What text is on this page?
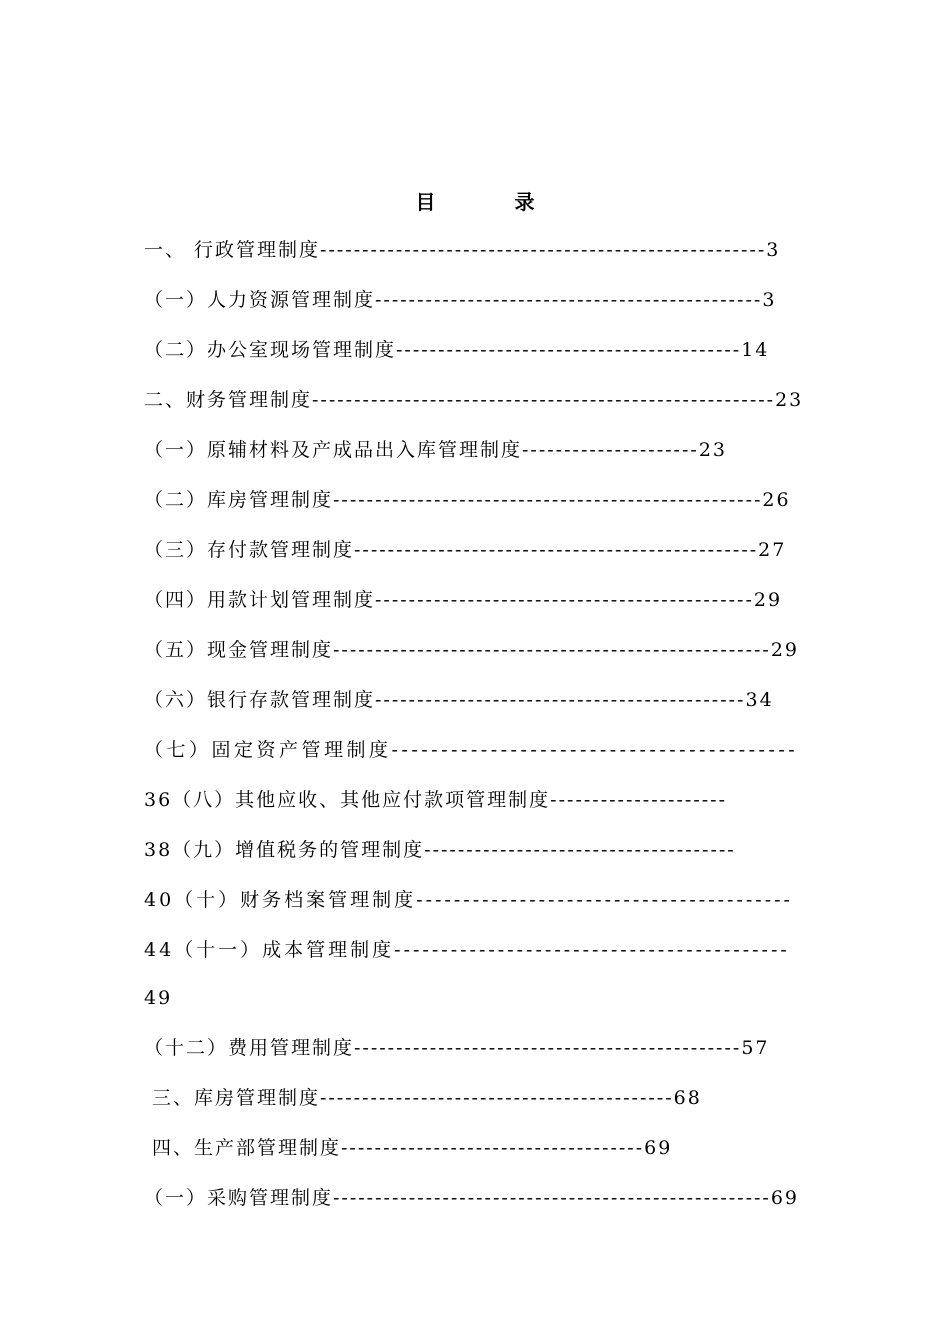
目 录
一、 行政管理制度-----------------------------------------------------3
（一）人力资源管理制度----------------------------------------------3
（二）办公室现场管理制度-----------------------------------------14
二、财务管理制度-------------------------------------------------------23
（一）原辅材料及产成品出入库管理制度---------------------23
（二）库房管理制度---------------------------------------------------26
（三）存付款管理制度------------------------------------------------27
（四）用款计划管理制度---------------------------------------------29
（五）现金管理制度----------------------------------------------------29
（六）银行存款管理制度--------------------------------------------34
（七）固定资产管理制度-----------------------------------------
36（八）其他应收、其他应付款项管理制度---------------------
38（九）增值税务的管理制度-------------------------------------
40（十）财务档案管理制度----------------------------------------
44（十一）成本管理制度------------------------------------------
49
（十二）费用管理制度----------------------------------------------57
三、库房管理制度------------------------------------------68
四、生产部管理制度------------------------------------69
（一）采购管理制度----------------------------------------------------69
